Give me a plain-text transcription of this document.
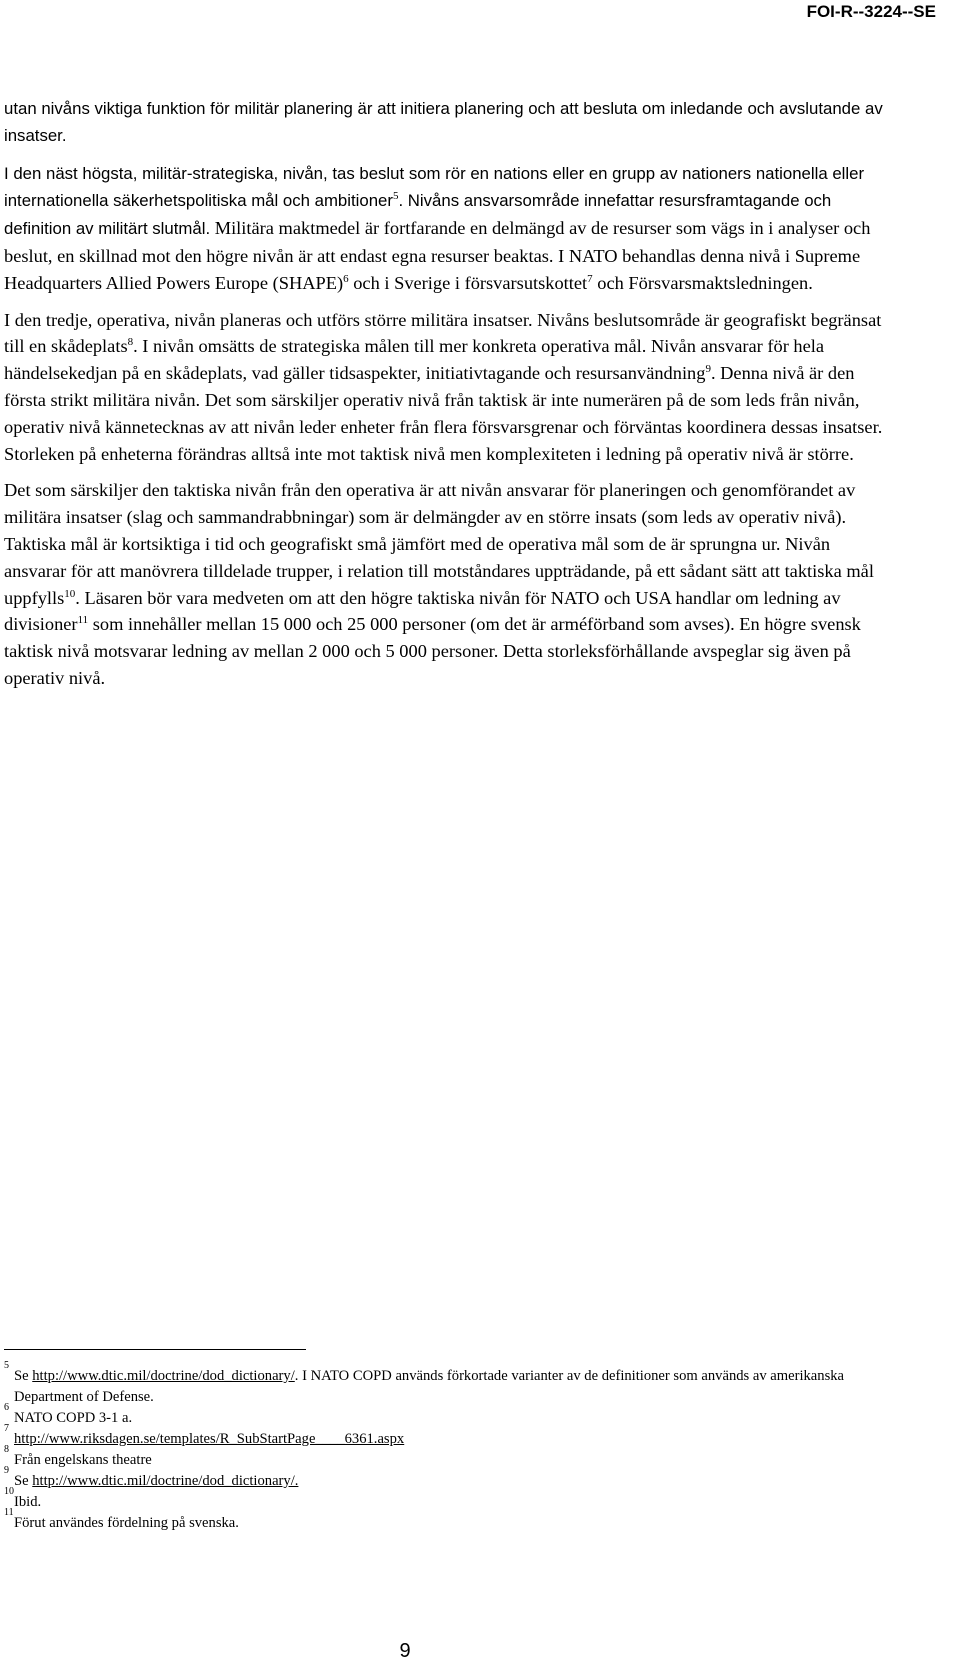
FOI-R--3224--SE

utan nivåns viktiga funktion för militär planering är att initiera planering och att besluta om inledande och avslutande av insatser.

I den näst högsta, militär-strategiska, nivån, tas beslut som rör en nations eller en grupp av nationers nationella eller internationella säkerhetspolitiska mål och ambitioner$^5$. Nivåns ansvarsområde innefattar resursframtagande och definition av militärt slutmål. Militära maktmedel är fortfarande en delmängd av de resurser som vägs in i analyser och beslut, en skillnad mot den högre nivån är att endast egna resurser beaktas. I NATO behandlas denna nivå i Supreme Headquarters Allied Powers Europe (SHAPE)$^6$ och i Sverige i försvarsutskottet$^7$ och Försvarsmaktsledningen.

I den tredje, operativa, nivån planeras och utförs större militära insatser. Nivåns beslutsområde är geografiskt begränsat till en skådeplats$^8$. I nivån omsätts de strategiska målen till mer konkreta operativa mål. Nivån ansvarar för hela händelsekedjan på en skådeplats, vad gäller tidsaspekter, initiativtagande och resursanvändning$^9$. Denna nivå är den första strikt militära nivån. Det som särskiljer operativ nivå från taktisk är inte numerären på de som leds från nivån, operativ nivå kännetecknas av att nivån leder enheter från flera försvarsgrenar och förväntas koordinera dessas insatser. Storleken på enheterna förändras alltså inte mot taktisk nivå men komplexiteten i ledning på operativ nivå är större.

Det som särskiljer den taktiska nivån från den operativa är att nivån ansvarar för planeringen och genomförandet av militära insatser (slag och sammandrabbningar) som är delmängder av en större insats (som leds av operativ nivå). Taktiska mål är kortsiktiga i tid och geografiskt små jämfört med de operativa mål som de är sprungna ur. Nivån ansvarar för att manövrera tilldelade trupper, i relation till motståndares uppträdande, på ett sådant sätt att taktiska mål uppfylls$^{10}$. Läsaren bör vara medveten om att den högre taktiska nivån för NATO och USA handlar om ledning av divisioner$^{11}$ som innehåller mellan 15 000 och 25 000 personer (om det är arméförband som avses). En högre svensk taktisk nivå motsvarar ledning av mellan 2 000 och 5 000 personer. Detta storleksförhållande avspeglar sig även på operativ nivå.

5
Se http://www.dtic.mil/doctrine/dod_dictionary/. I NATO COPD används förkortade varianter av de definitioner som används av amerikanska Department of Defense.
6
NATO COPD 3-1 a.
7
http://www.riksdagen.se/templates/R_SubStartPage____6361.aspx
8
Från engelskans theatre
9
Se http://www.dtic.mil/doctrine/dod_dictionary/.
10
Ibid.
11
Förut användes fördelning på svenska.
9
